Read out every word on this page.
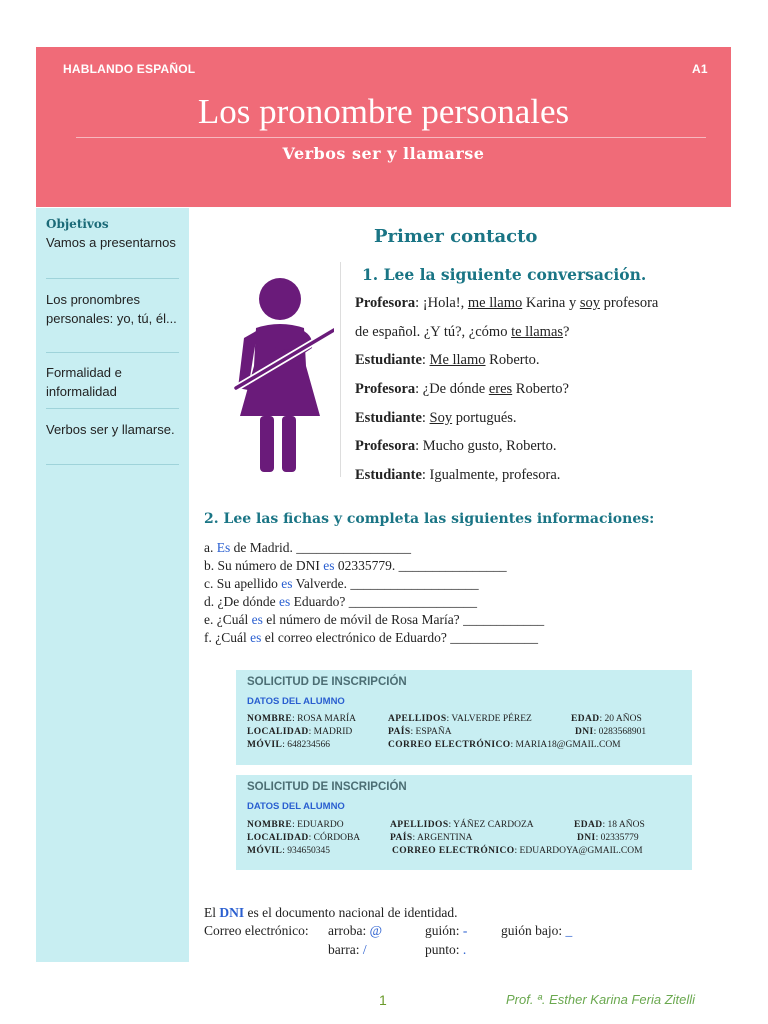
HABLANDO ESPAÑOL	A1
Los pronombre personales
Verbos ser y llamarse
Objetivos
Vamos a presentarnos
Los pronombres personales: yo, tú, él...
Formalidad e informalidad
Verbos ser y llamarse.
Primer contacto
1. Lee la siguiente conversación.
Profesora: ¡Hola!, me llamo Karina y soy profesora
de español. ¿Y tú?, ¿cómo te llamas?
Estudiante: Me llamo Roberto.
Profesora: ¿De dónde eres Roberto?
Estudiante: Soy portugués.
Profesora: Mucho gusto, Roberto.
Estudiante: Igualmente, profesora.
2. Lee las fichas y completa las siguientes informaciones:
a. Es de Madrid. _________________
b. Su número de DNI es 02335779. ________________
c. Su apellido es Valverde. ___________________
d. ¿De dónde es Eduardo? ___________________
e. ¿Cuál es el número de móvil de Rosa María? ____________
f. ¿Cuál es el correo electrónico de Eduardo? _____________
SOLICITUD DE INSCRIPCIÓN
DATOS DEL ALUMNO
NOMBRE: ROSA MARÍA	APELLIDOS: VALVERDE PÉREZ	EDAD: 20 AÑOS
LOCALIDAD: MADRID	PAÍS: ESPAÑA	DNI: 0283568901
MÓVIL: 648234566	CORREO ELECTRÓNICO: MARIA18@GMAIL.COM
SOLICITUD DE INSCRIPCIÓN
DATOS DEL ALUMNO
NOMBRE: EDUARDO	APELLIDOS: YÁÑEZ CARDOZA	EDAD: 18 AÑOS
LOCALIDAD: CÓRDOBA	PAÍS: ARGENTINA	DNI: 02335779
MÓVIL: 934650345	CORREO ELECTRÓNICO: EDUARDOYA@GMAIL.COM
El DNI es el documento nacional de identidad.
Correo electrónico: arroba: @	guión: - guión bajo: _
barra: /	punto: .
1	Prof. ª. Esther Karina Feria Zitelli
